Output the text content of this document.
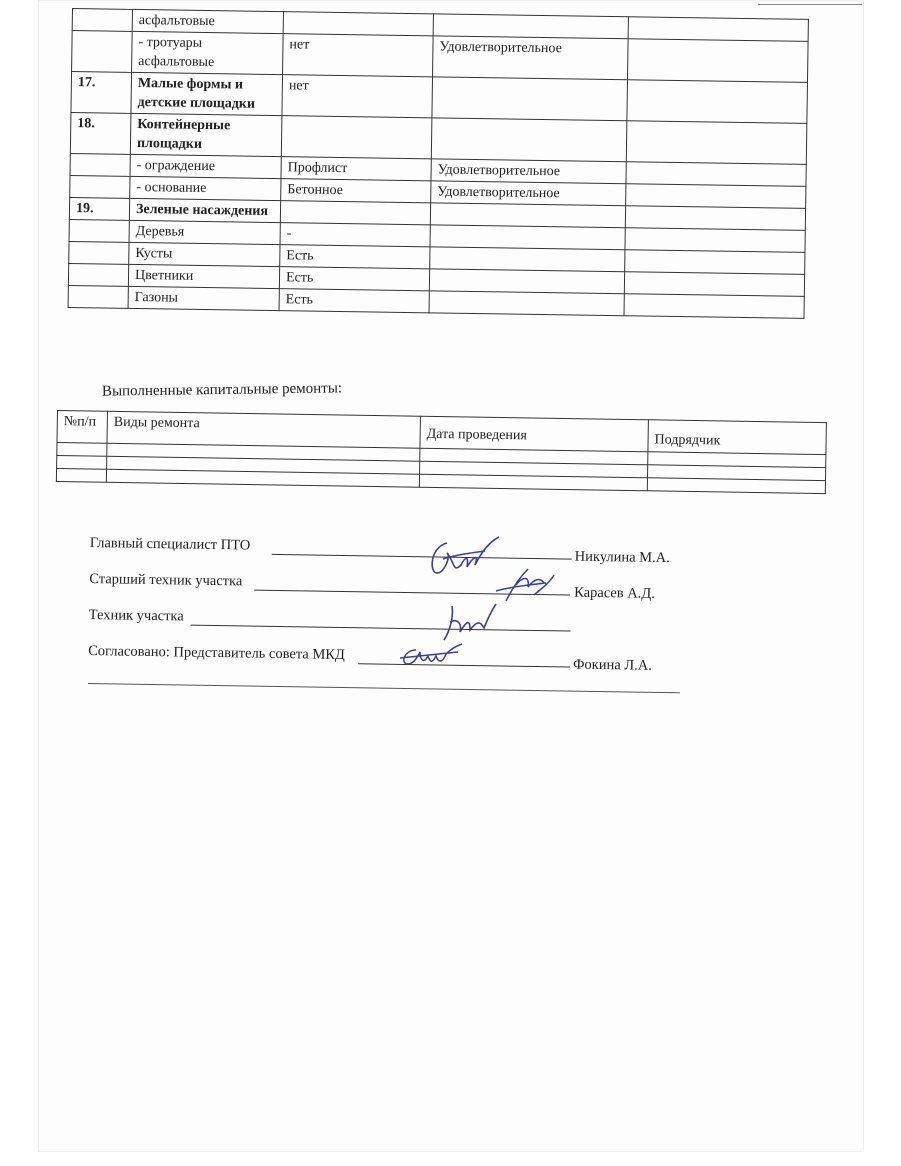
	асфальтовые			
	- тротуары асфальтовые	нет	Удовлетворительное	
17.	Малые формы и детские площадки	нет		
18.	Контейнерные площадки			
	- ограждение	Профлист	Удовлетворительное	
	- основание	Бетонное	Удовлетворительное	
19.	Зеленые насаждения			
	Деревья	-		
	Кусты	Есть		
	Цветники	Есть		
	Газоны	Есть		
Выполненные капитальные ремонты:
№п/п	Виды ремонта	Дата проведения	Подрядчик

Главный специалист ПТО
Никулина М.А.
Старший техник участка
Карасев А.Д.
Техник участка
Согласовано: Представитель совета МКД
Фокина Л.А.
